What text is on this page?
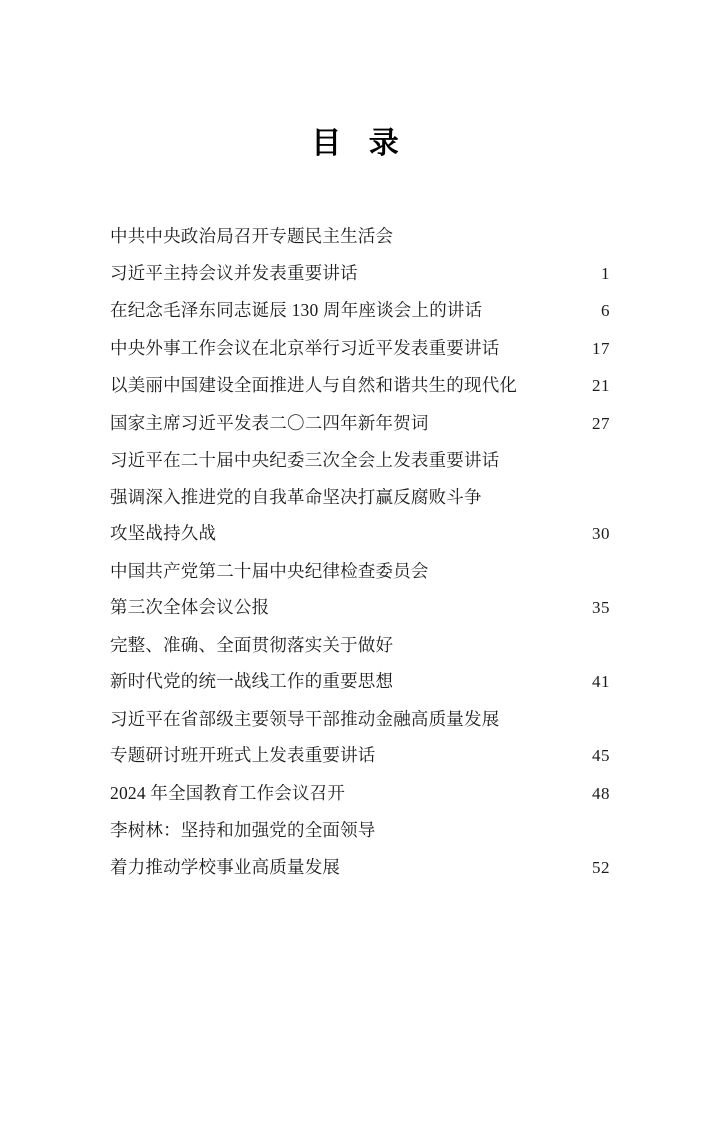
目 录
中共中央政治局召开专题民主生活会
习近平主持会议并发表重要讲话	1
在纪念毛泽东同志诞辰 130 周年座谈会上的讲话	6
中央外事工作会议在北京举行习近平发表重要讲话	17
以美丽中国建设全面推进人与自然和谐共生的现代化	21
国家主席习近平发表二〇二四年新年贺词	27
习近平在二十届中央纪委三次全会上发表重要讲话
强调深入推进党的自我革命坚决打赢反腐败斗争
攻坚战持久战	30
中国共产党第二十届中央纪律检查委员会
第三次全体会议公报	35
完整、准确、全面贯彻落实关于做好
新时代党的统一战线工作的重要思想	41
习近平在省部级主要领导干部推动金融高质量发展
专题研讨班开班式上发表重要讲话	45
2024 年全国教育工作会议召开	48
李树林：坚持和加强党的全面领导
着力推动学校事业高质量发展	52
